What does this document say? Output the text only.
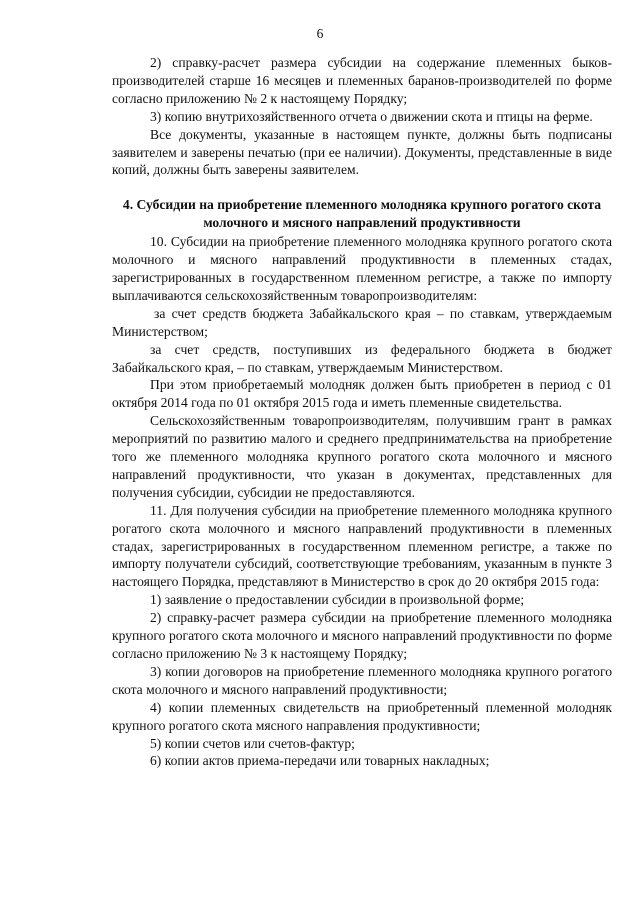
6

2) справку-расчет размера субсидии на содержание племенных быков-производителей старше 16 месяцев и племенных баранов-производителей по форме согласно приложению № 2 к настоящему Порядку;

3) копию внутрихозяйственного отчета о движении скота и птицы на ферме.

Все документы, указанные в настоящем пункте, должны быть подписаны заявителем и заверены печатью (при ее наличии). Документы, представленные в виде копий, должны быть заверены заявителем.

4. Субсидии на приобретение племенного молодняка крупного рогатого скота молочного и мясного направлений продуктивности

10. Субсидии на приобретение племенного молодняка крупного рогатого скота молочного и мясного направлений продуктивности в племенных стадах, зарегистрированных в государственном племенном регистре, а также по импорту выплачиваются сельскохозяйственным товаропроизводителям:

за счет средств бюджета Забайкальского края – по ставкам, утверждаемым Министерством;

за счет средств, поступивших из федерального бюджета в бюджет Забайкальского края, – по ставкам, утверждаемым Министерством.

При этом приобретаемый молодняк должен быть приобретен в период с 01 октября 2014 года по 01 октября 2015 года и иметь племенные свидетельства.

Сельскохозяйственным товаропроизводителям, получившим грант в рамках мероприятий по развитию малого и среднего предпринимательства на приобретение того же племенного молодняка крупного рогатого скота молочного и мясного направлений продуктивности, что указан в документах, представленных для получения субсидии, субсидии не предоставляются.

11. Для получения субсидии на приобретение племенного молодняка крупного рогатого скота молочного и мясного направлений продуктивности в племенных стадах, зарегистрированных в государственном племенном регистре, а также по импорту получатели субсидий, соответствующие требованиям, указанным в пункте 3 настоящего Порядка, представляют в Министерство в срок до 20 октября 2015 года:

1) заявление о предоставлении субсидии в произвольной форме;

2) справку-расчет размера субсидии на приобретение племенного молодняка крупного рогатого скота молочного и мясного направлений продуктивности по форме согласно приложению № 3 к настоящему Порядку;

3) копии договоров на приобретение племенного молодняка крупного рогатого скота молочного и мясного направлений продуктивности;

4) копии племенных свидетельств на приобретенный племенной молодняк крупного рогатого скота мясного направления продуктивности;

5) копии счетов или счетов-фактур;

6) копии актов приема-передачи или товарных накладных;
